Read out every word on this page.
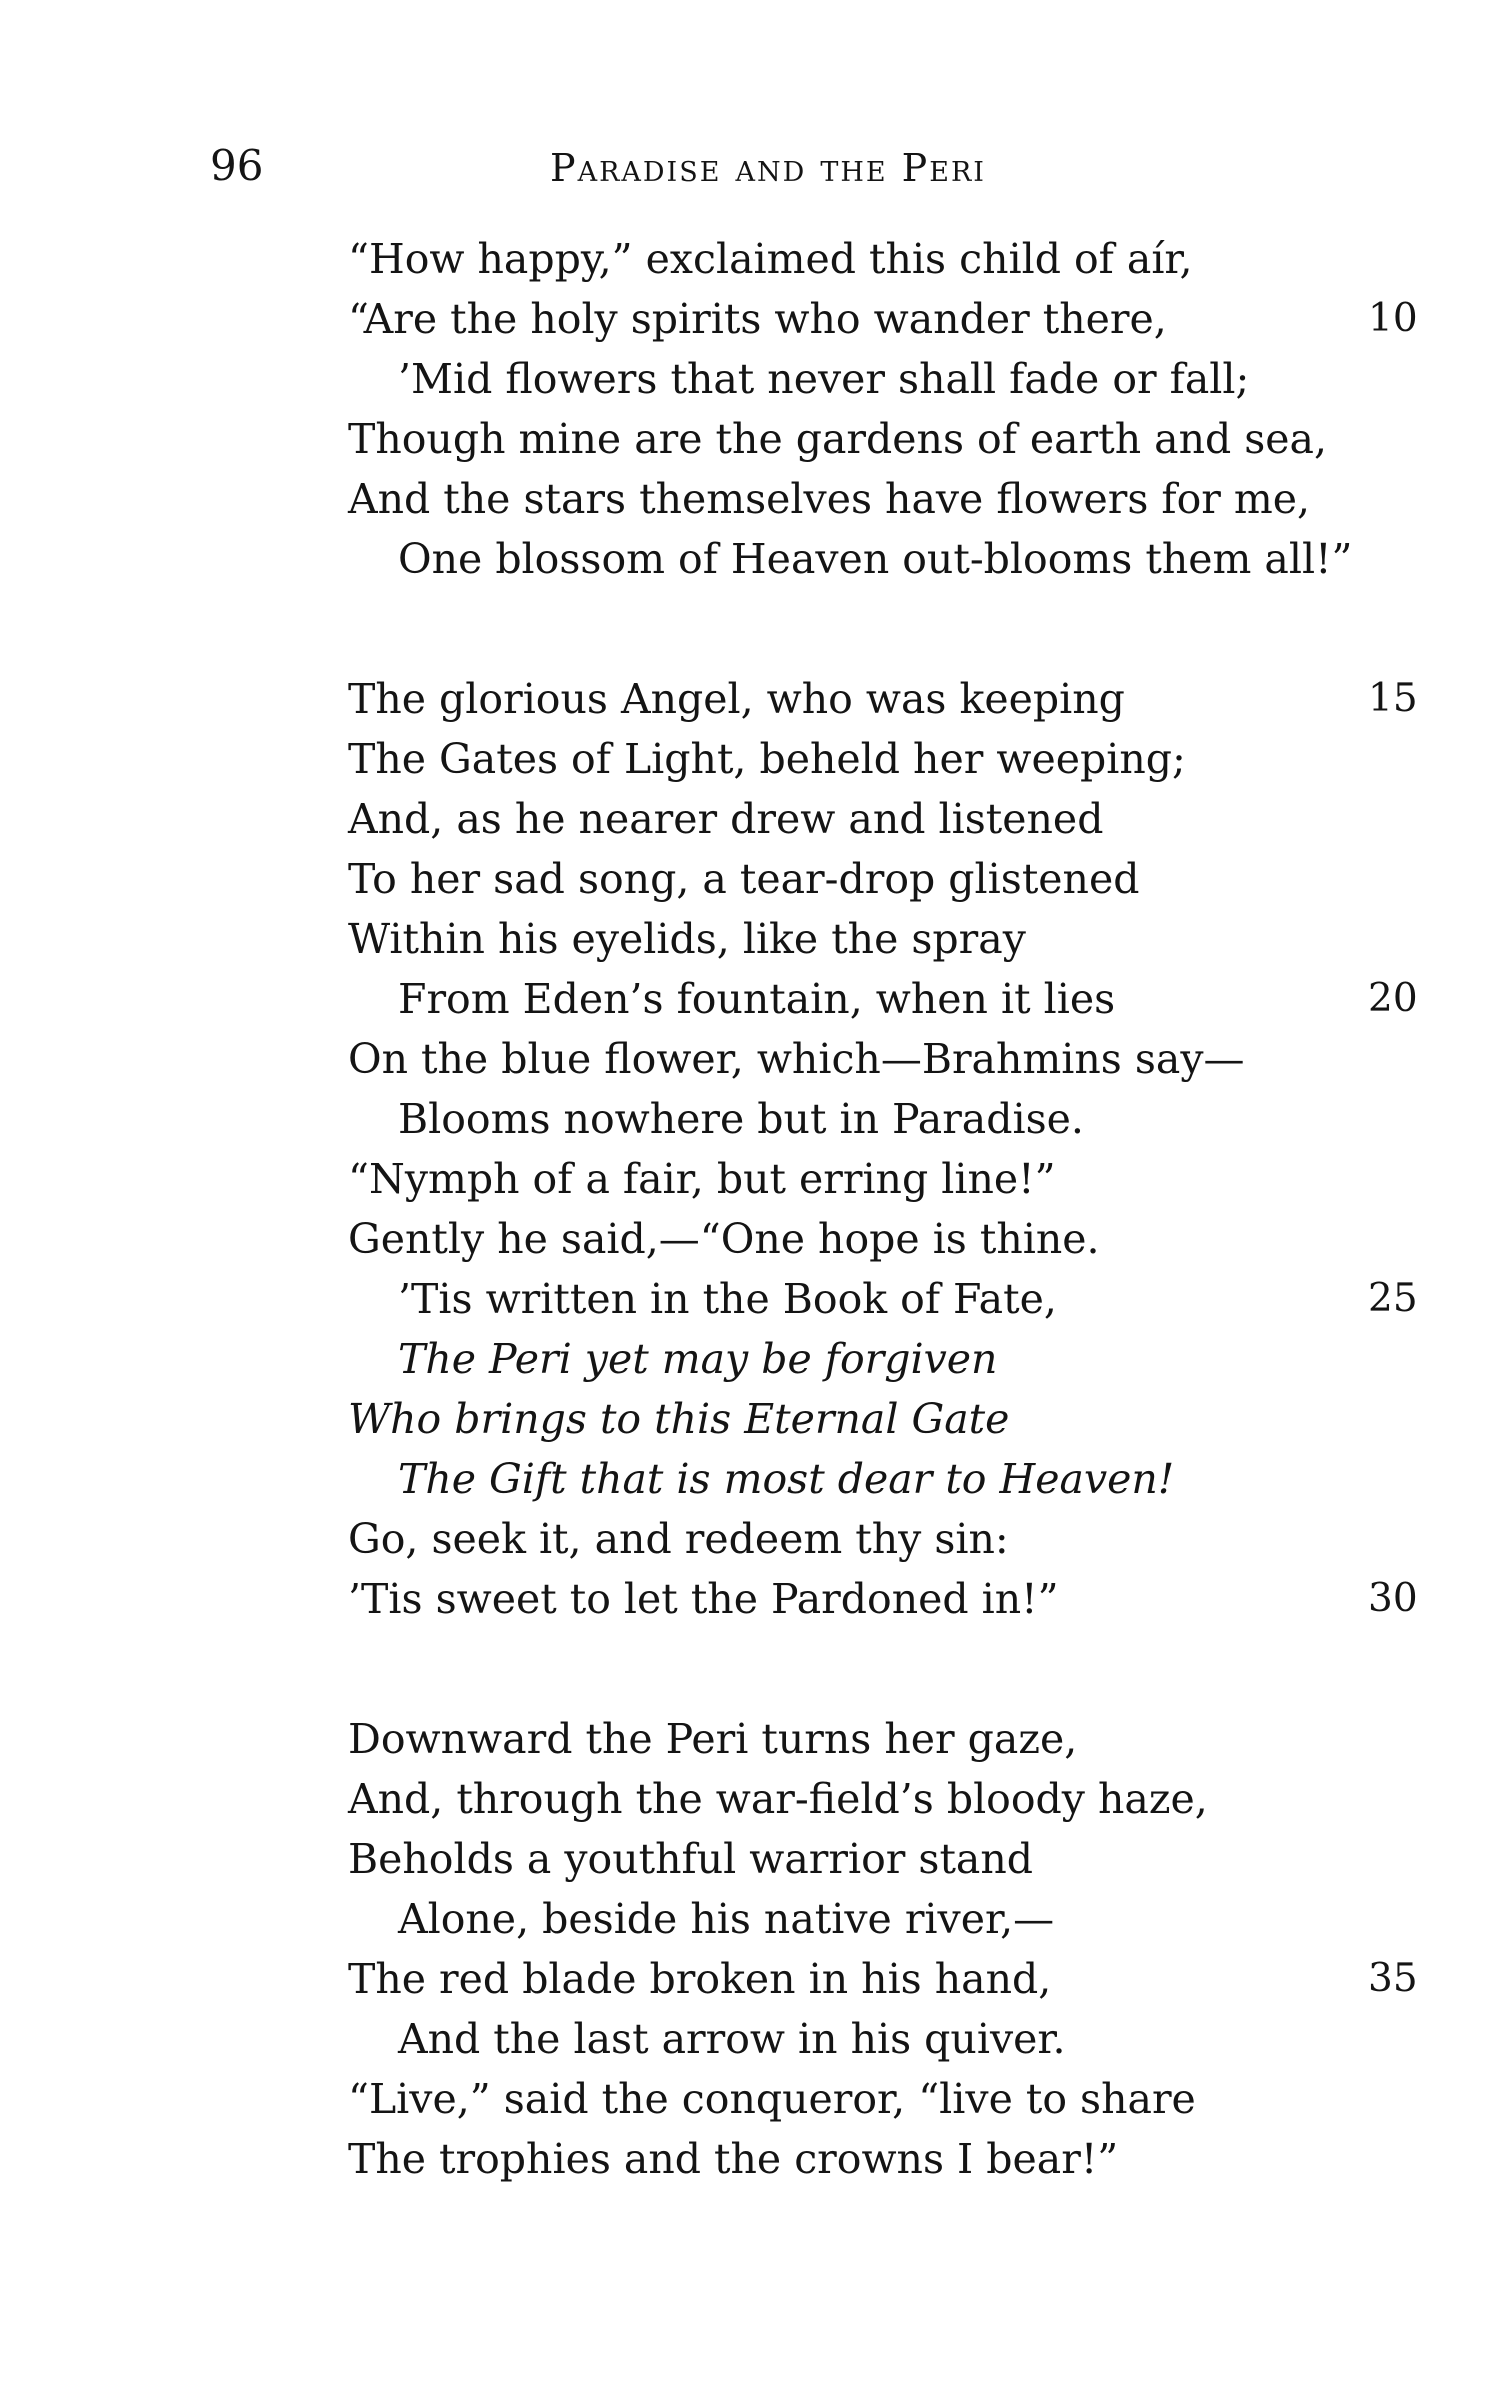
96	Paradise and the Peri
“How happy,” exclaimed this child of aír,
“Are the holy spirits who wander there,	10
’Mid flowers that never shall fade or fall;
Though mine are the gardens of earth and sea,
And the stars themselves have flowers for me,
One blossom of Heaven out-blooms them all!”
The glorious Angel, who was keeping	15
The Gates of Light, beheld her weeping;
And, as he nearer drew and listened
To her sad song, a tear-drop glistened
Within his eyelids, like the spray
From Eden’s fountain, when it lies	20
On the blue flower, which—Brahmins say—
Blooms nowhere but in Paradise.
“Nymph of a fair, but erring line!”
Gently he said,—“One hope is thine.
’Tis written in the Book of Fate,	25
The Peri yet may be forgiven
Who brings to this Eternal Gate
The Gift that is most dear to Heaven!
Go, seek it, and redeem thy sin:
’Tis sweet to let the Pardoned in!”	30
Downward the Peri turns her gaze,
And, through the war-field’s bloody haze,
Beholds a youthful warrior stand
Alone, beside his native river,—
The red blade broken in his hand,	35
And the last arrow in his quiver.
“Live,” said the conqueror, “live to share
The trophies and the crowns I bear!”
